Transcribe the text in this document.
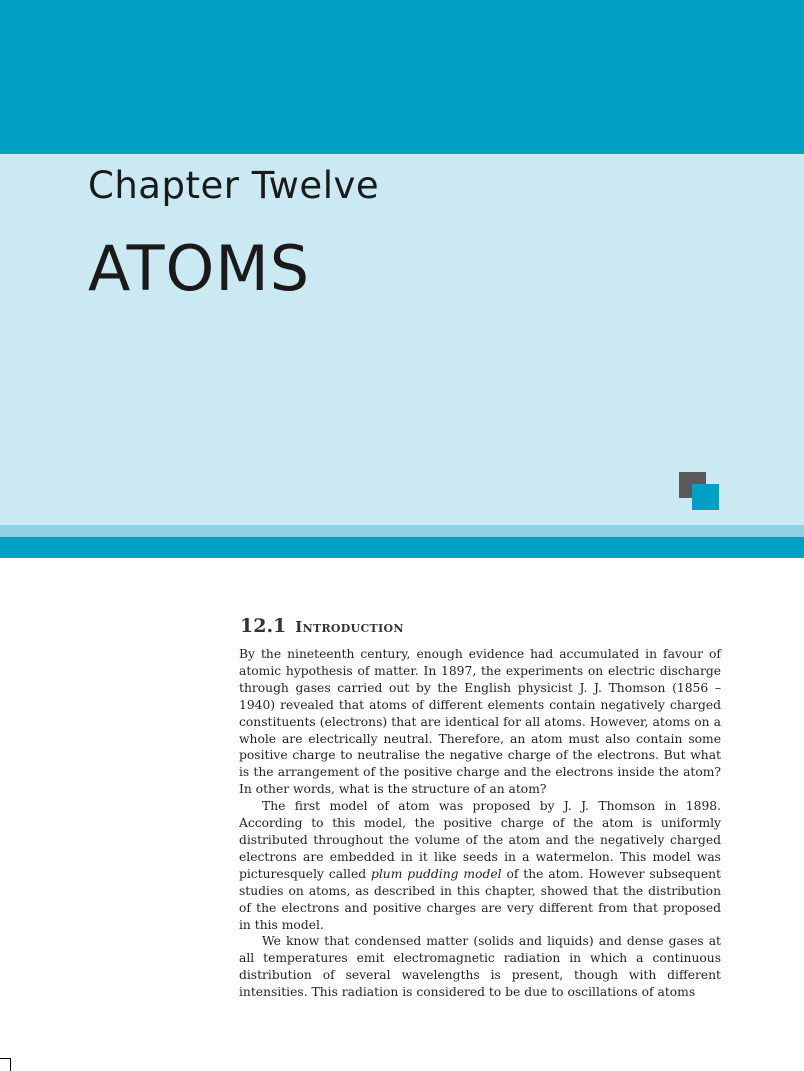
Chapter Twelve
ATOMS
12.1 Introduction

By the nineteenth century, enough evidence had accumulated in favour of atomic hypothesis of matter. In 1897, the experiments on electric discharge through gases carried out by the English physicist J. J. Thomson (1856 – 1940) revealed that atoms of different elements contain negatively charged constituents (electrons) that are identical for all atoms. However, atoms on a whole are electrically neutral. Therefore, an atom must also contain some positive charge to neutralise the negative charge of the electrons. But what is the arrangement of the positive charge and the electrons inside the atom? In other words, what is the structure of an atom?

The first model of atom was proposed by J. J. Thomson in 1898. According to this model, the positive charge of the atom is uniformly distributed throughout the volume of the atom and the negatively charged electrons are embedded in it like seeds in a watermelon. This model was picturesquely called plum pudding model of the atom. However subsequent studies on atoms, as described in this chapter, showed that the distribution of the electrons and positive charges are very different from that proposed in this model.

We know that condensed matter (solids and liquids) and dense gases at all temperatures emit electromagnetic radiation in which a continuous distribution of several wavelengths is present, though with different intensities. This radiation is considered to be due to oscillations of atoms
